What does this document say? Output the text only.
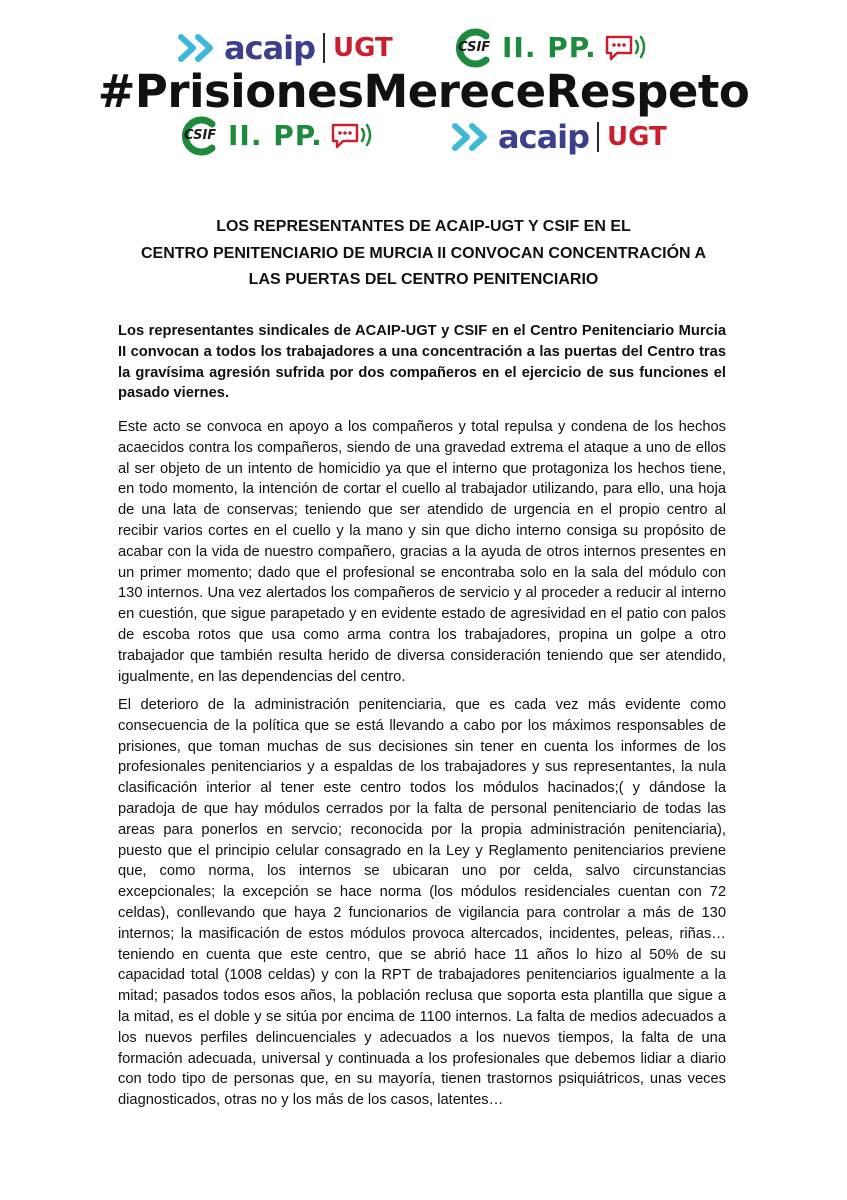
acaip UGT	CSIF II. PP.
#PrisionesMereceRespeto
CSIF II. PP.	acaip UGT
LOS REPRESENTANTES DE ACAIP-UGT Y CSIF EN EL
CENTRO PENITENCIARIO DE MURCIA II CONVOCAN CONCENTRACIÓN A
LAS PUERTAS DEL CENTRO PENITENCIARIO

Los representantes sindicales de ACAIP-UGT y CSIF en el Centro Penitenciario Murcia II convocan a todos los trabajadores a una concentración a las puertas del Centro tras la gravísima agresión sufrida por dos compañeros en el ejercicio de sus funciones el pasado viernes.

Este acto se convoca en apoyo a los compañeros y total repulsa y condena de los hechos acaecidos contra los compañeros, siendo de una gravedad extrema el ataque a uno de ellos al ser objeto de un intento de homicidio ya que el interno que protagoniza los hechos tiene, en todo momento, la intención de cortar el cuello al trabajador utilizando, para ello, una hoja de una lata de conservas; teniendo que ser atendido de urgencia en el propio centro al recibir varios cortes en el cuello y la mano y sin que dicho interno consiga su propósito de acabar con la vida de nuestro compañero, gracias a la ayuda de otros internos presentes en un primer momento; dado que el profesional se encontraba solo en la sala del módulo con 130 internos. Una vez alertados los compañeros de servicio y al proceder a reducir al interno en cuestión, que sigue parapetado y en evidente estado de agresividad en el patio con palos de escoba rotos que usa como arma contra los trabajadores, propina un golpe a otro trabajador que también resulta herido de diversa consideración teniendo que ser atendido, igualmente, en las dependencias del centro.

El deterioro de la administración penitenciaria, que es cada vez más evidente como consecuencia de la política que se está llevando a cabo por los máximos responsables de prisiones, que toman muchas de sus decisiones sin tener en cuenta los informes de los profesionales penitenciarios y a espaldas de los trabajadores y sus representantes, la nula clasificación interior al tener este centro todos los módulos hacinados;( y dándose la paradoja de que hay módulos cerrados por la falta de personal penitenciario de todas las areas para ponerlos en servcio; reconocida por la propia administración penitenciaria), puesto que el principio celular consagrado en la Ley y Reglamento penitenciarios previene que, como norma, los internos se ubicaran uno por celda, salvo circunstancias excepcionales; la excepción se hace norma (los módulos residenciales cuentan con 72 celdas), conllevando que haya 2 funcionarios de vigilancia para controlar a más de 130 internos; la masificación de estos módulos provoca altercados, incidentes, peleas, riñas… teniendo en cuenta que este centro, que se abrió hace 11 años lo hizo al 50% de su capacidad total (1008 celdas) y con la RPT de trabajadores penitenciarios igualmente a la mitad; pasados todos esos años, la población reclusa que soporta esta plantilla que sigue a la mitad, es el doble y se sitúa por encima de 1100 internos. La falta de medios adecuados a los nuevos perfiles delincuenciales y adecuados a los nuevos tiempos, la falta de una formación adecuada, universal y continuada a los profesionales que debemos lidiar a diario con todo tipo de personas que, en su mayoría, tienen trastornos psiquiátricos, unas veces diagnosticados, otras no y los más de los casos, latentes…
